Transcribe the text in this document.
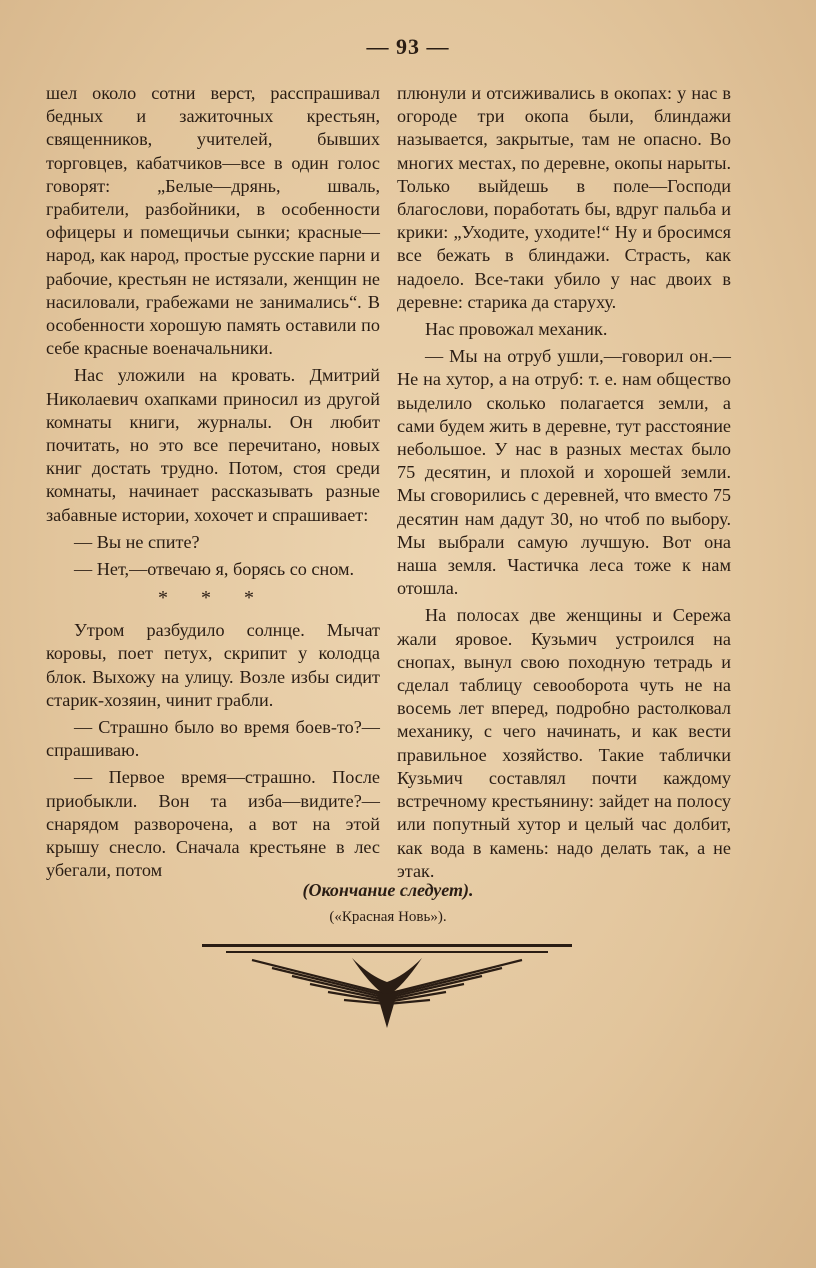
— 93 —

шел около сотни верст, расспрашивал бедных и зажиточных крестьян, священников, учителей, бывших торговцев, кабатчиков—все в один голос говорят: „Белые—дрянь, шваль, грабители, разбойники, в особенности офицеры и помещичьи сынки; красные—народ, как народ, простые русские парни и рабочие, крестьян не истязали, женщин не насиловали, грабежами не занимались“. В особенности хорошую память оставили по себе красные военачальники.

Нас уложили на кровать. Дмитрий Николаевич охапками приносил из другой комнаты книги, журналы. Он любит почитать, но это все перечитано, новых книг достать трудно. Потом, стоя среди комнаты, начинает рассказывать разные забавные истории, хохочет и спрашивает:

— Вы не спите?

— Нет,—отвечаю я, борясь со сном.

* * *

Утром разбудило солнце. Мычат коровы, поет петух, скрипит у колодца блок. Выхожу на улицу. Возле избы сидит старик-хозяин, чинит грабли.

— Страшно было во время боев-то?—спрашиваю.

— Первое время—страшно. После приобыкли. Вон та изба—видите?—снарядом разворочена, а вот на этой крышу снесло. Сначала крестьяне в лес убегали, потом

плюнули и отсиживались в окопах: у нас в огороде три окопа были, блиндажи называется, закрытые, там не опасно. Во многих местах, по деревне, окопы нарыты. Только выйдешь в поле—Господи благослови, поработать бы, вдруг пальба и крики: „Уходите, уходите!“ Ну и бросимся все бежать в блиндажи. Страсть, как надоело. Все-таки убило у нас двоих в деревне: старика да старуху.

Нас провожал механик.

— Мы на отруб ушли,—говорил он.—Не на хутор, а на отруб: т. е. нам общество выделило сколько полагается земли, а сами будем жить в деревне, тут расстояние небольшое. У нас в разных местах было 75 десятин, и плохой и хорошей земли. Мы сговорились с деревней, что вместо 75 десятин нам дадут 30, но чтоб по выбору. Мы выбрали самую лучшую. Вот она наша земля. Частичка леса тоже к нам отошла.

На полосах две женщины и Сережа жали яровое. Кузьмич устроился на снопах, вынул свою походную тетрадь и сделал таблицу севооборота чуть не на восемь лет вперед, подробно растолковал механику, с чего начинать, и как вести правильное хозяйство. Такие таблички Кузьмич составлял почти каждому встречному крестьянину: зайдет на полосу или попутный хутор и целый час долбит, как вода в камень: надо делать так, а не этак.

(Окончание следует).
(«Красная Новь»).
